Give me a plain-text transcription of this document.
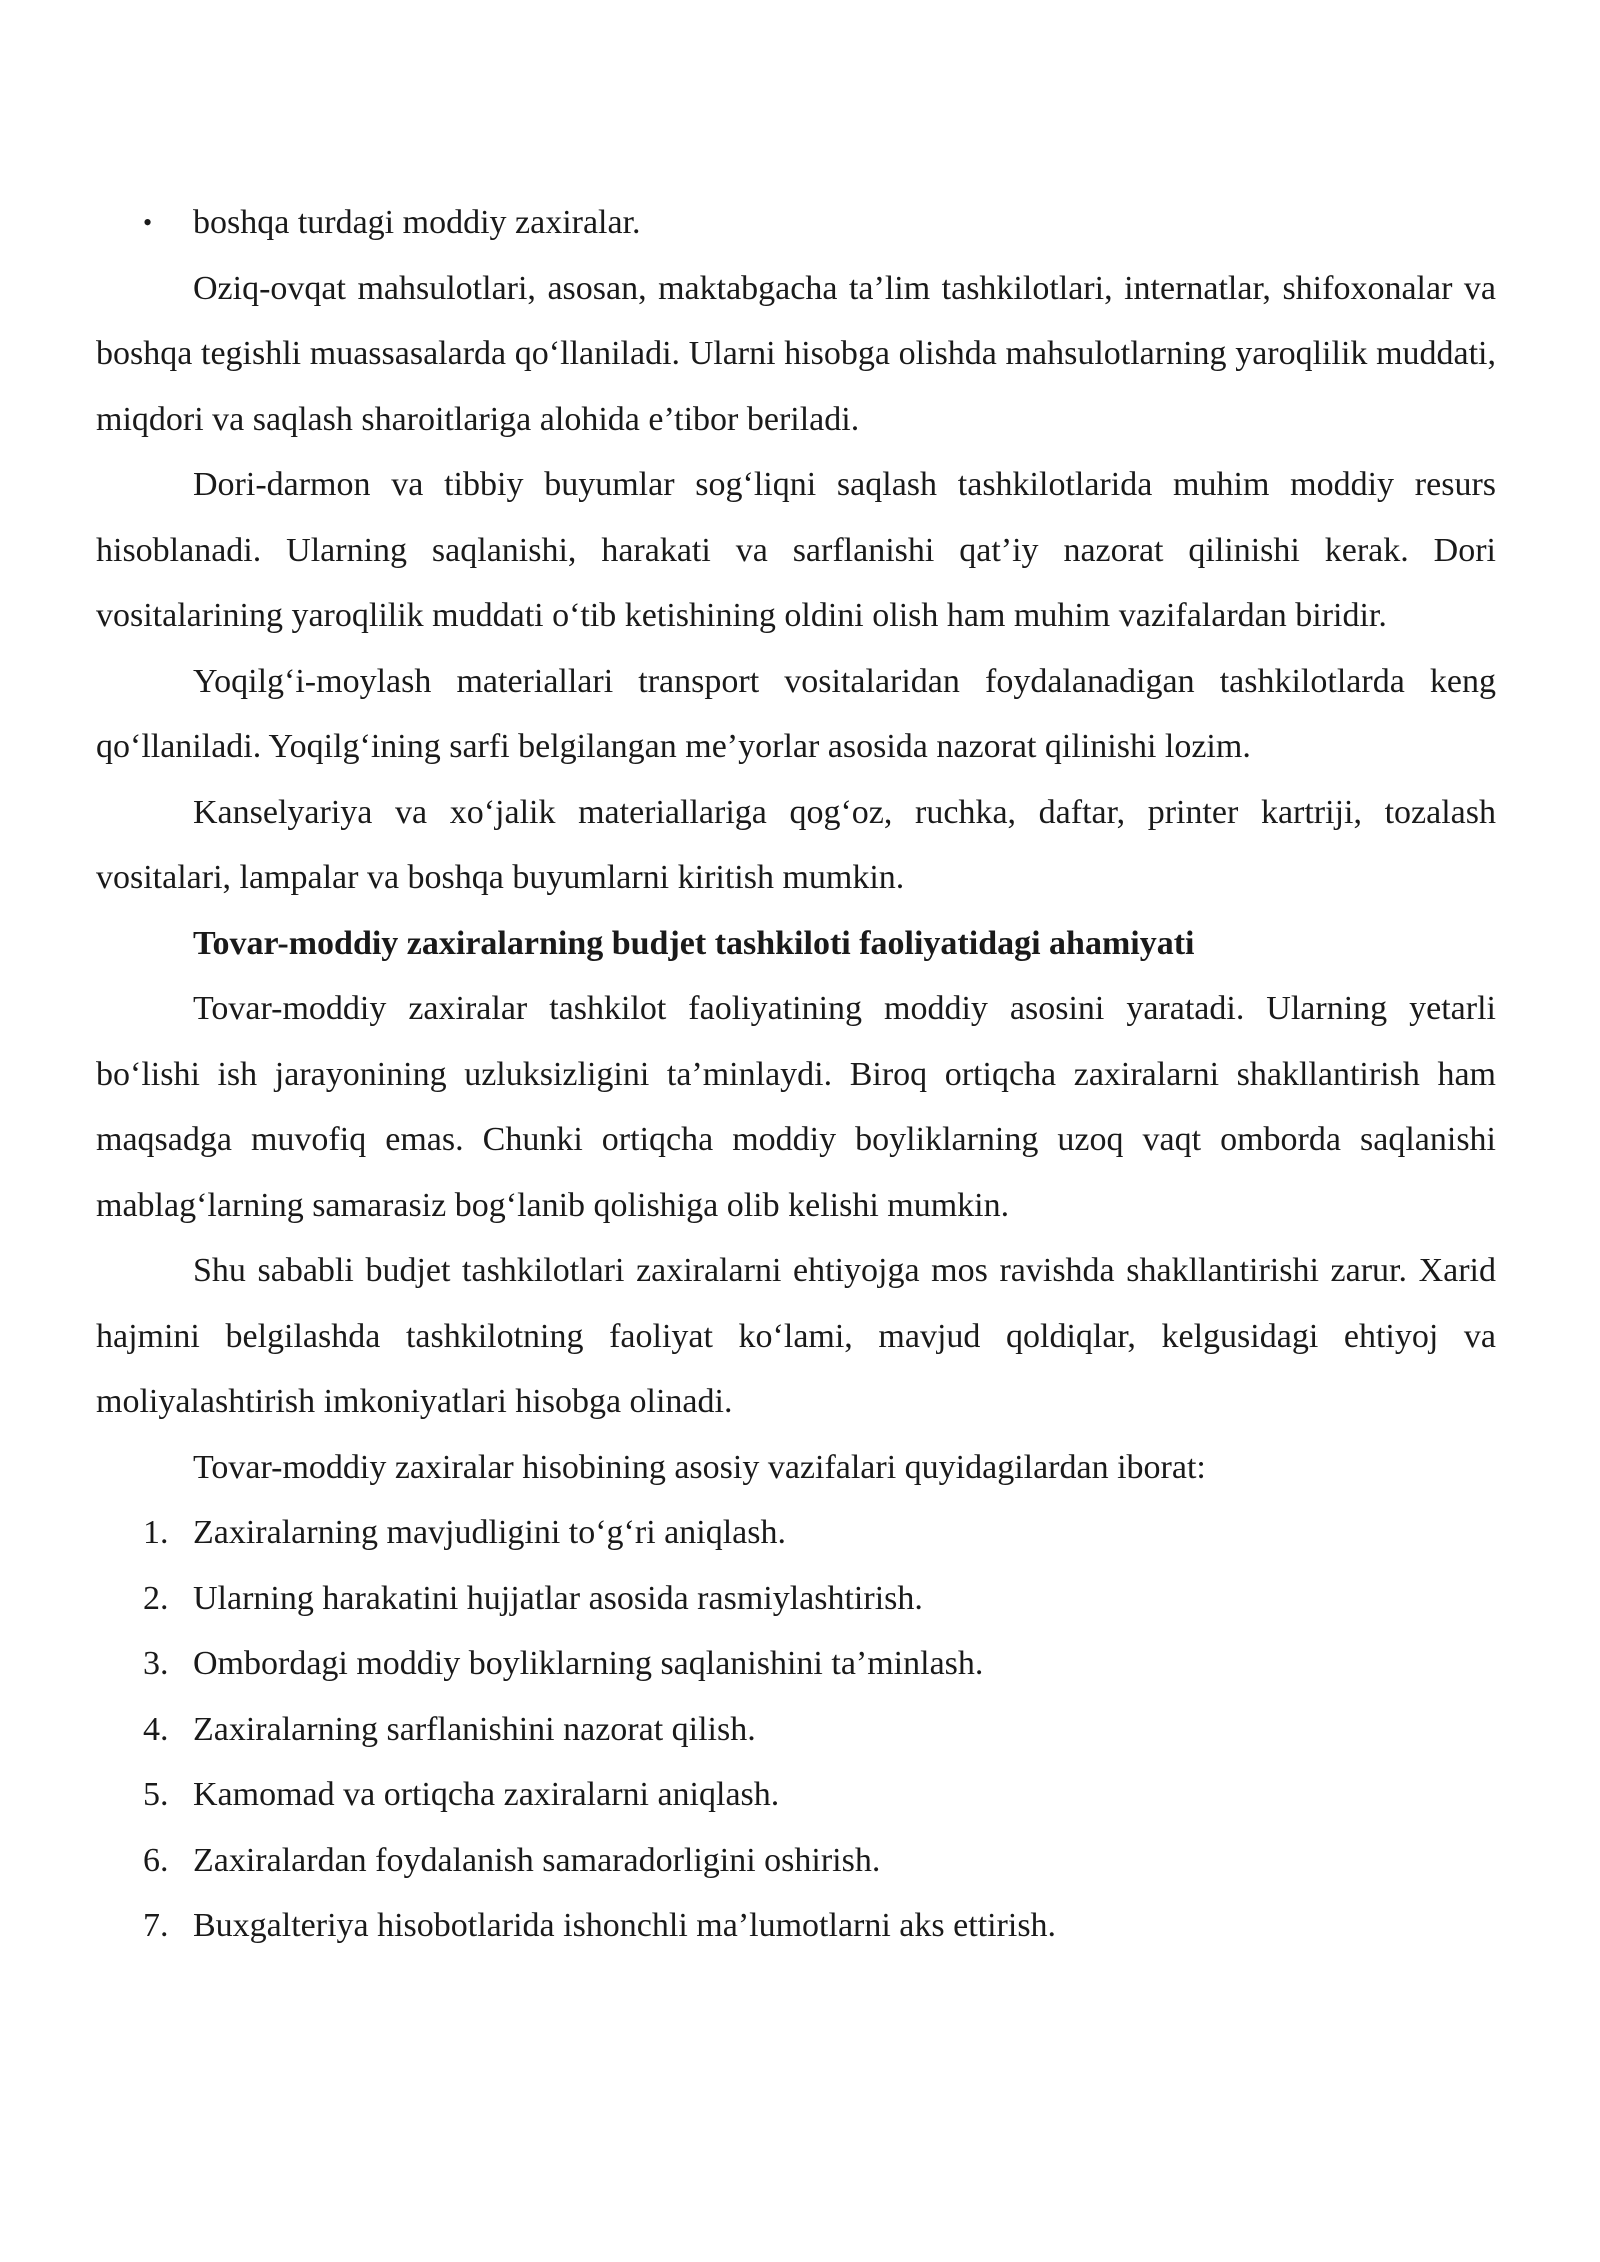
• boshqa turdagi moddiy zaxiralar.

Oziq-ovqat mahsulotlari, asosan, maktabgacha ta’lim tashkilotlari, internatlar, shifoxonalar va boshqa tegishli muassasalarda qo‘llaniladi. Ularni hisobga olishda mahsulotlarning yaroqlilik muddati, miqdori va saqlash sharoitlariga alohida e’tibor beriladi.

Dori-darmon va tibbiy buyumlar sog‘liqni saqlash tashkilotlarida muhim moddiy resurs hisoblanadi. Ularning saqlanishi, harakati va sarflanishi qat’iy nazorat qilinishi kerak. Dori vositalarining yaroqlilik muddati o‘tib ketishining oldini olish ham muhim vazifalardan biridir.

Yoqilg‘i-moylash materiallari transport vositalaridan foydalanadigan tashkilotlarda keng qo‘llaniladi. Yoqilg‘ining sarfi belgilangan me’yorlar asosida nazorat qilinishi lozim.

Kanselyariya va xo‘jalik materiallariga qog‘oz, ruchka, daftar, printer kartriji, tozalash vositalari, lampalar va boshqa buyumlarni kiritish mumkin.

Tovar-moddiy zaxiralarning budjet tashkiloti faoliyatidagi ahamiyati

Tovar-moddiy zaxiralar tashkilot faoliyatining moddiy asosini yaratadi. Ularning yetarli bo‘lishi ish jarayonining uzluksizligini ta’minlaydi. Biroq ortiqcha zaxiralarni shakllantirish ham maqsadga muvofiq emas. Chunki ortiqcha moddiy boyliklarning uzoq vaqt omborda saqlanishi mablag‘larning samarasiz bog‘lanib qolishiga olib kelishi mumkin.

Shu sababli budjet tashkilotlari zaxiralarni ehtiyojga mos ravishda shakllantirishi zarur. Xarid hajmini belgilashda tashkilotning faoliyat ko‘lami, mavjud qoldiqlar, kelgusidagi ehtiyoj va moliyalashtirish imkoniyatlari hisobga olinadi.

Tovar-moddiy zaxiralar hisobining asosiy vazifalari quyidagilardan iborat:

1. Zaxiralarning mavjudligini to‘g‘ri aniqlash.
2. Ularning harakatini hujjatlar asosida rasmiylashtirish.
3. Ombordagi moddiy boyliklarning saqlanishini ta’minlash.
4. Zaxiralarning sarflanishini nazorat qilish.
5. Kamomad va ortiqcha zaxiralarni aniqlash.
6. Zaxiralardan foydalanish samaradorligini oshirish.
7. Buxgalteriya hisobotlarida ishonchli ma’lumotlarni aks ettirish.
